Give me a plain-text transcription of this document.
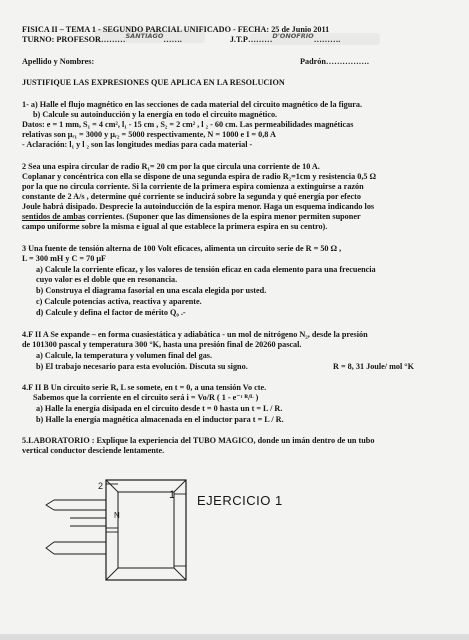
FISICA II – TEMA 1 - SEGUNDO PARCIAL UNIFICADO - FECHA: 25 de Junio 2011
TURNO: PROFESOR………$^{SANTIAGO}$…….	J.T.P………$^{D'ONOFRIO}$……….
Apellido y Nombres:	Padrón…………….
JUSTIFIQUE LAS EXPRESIONES QUE APLICA EN LA RESOLUCION
1- a) Halle el flujo magnético en las secciones de cada material del circuito magnético de la figura.
b) Calcule su autoinducción y la energía en todo el circuito magnético.
Datos: e = 1 mm, S₁ = 4 cm², l₁ - 15 cm , S₂ = 2 cm² , l ₂ - 60 cm. Las permeabilidades magnéticas
relativas son μᵣ₁ = 3000 y μᵣ₂ = 5000 respectivamente, N = 1000 e I = 0,8 A
- Aclaración: l₁ y l ₂ son las longitudes medias para cada material -
2 Sea una espira circular de radio R₁= 20 cm por la que circula una corriente de 10 A.
Coplanar y concéntrica con ella se dispone de una segunda espira de radio R₂=1cm y resistencia 0,5 Ω
por la que no circula corriente. Si la corriente de la primera espira comienza a extinguirse a razón
constante de 2 A/s , determine qué corriente se inducirá sobre la segunda y qué energía por efecto
Joule habrá disipado. Desprecie la autoinducción de la espira menor. Haga un esquema indicando los
sentidos de ambas corrientes. (Suponer que las dimensiones de la espira menor permiten suponer
campo uniforme sobre la misma e igual al que establece la primera espira en su centro).
3 Una fuente de tensión alterna de 100 Volt eficaces, alimenta un circuito serie de R = 50 Ω ,
L = 300 mH y C = 70 μF
a) Calcule la corriente eficaz, y los valores de tensión eficaz en cada elemento para una frecuencia
cuyo valor es el doble que en resonancia.
b) Construya el diagrama fasorial en una escala elegida por usted.
c) Calcule potencias activa, reactiva y aparente.
d) Calcule y defina el factor de mérito Q₀ .-
4.F II A Se expande – en forma cuasiestática y adiabática - un mol de nitrógeno N₂, desde la presión
de 101300 pascal y temperatura 300 °K, hasta una presión final de 20260 pascal.
a) Calcule, la temperatura y volumen final del gas.
b) El trabajo necesario para esta evolución. Discuta su signo.	R = 8, 31 Joule/ mol °K
4.F II B Un circuito serie R, L se somete, en t = 0, a una tensión Vo cte.
Sabemos que la corriente en el circuito será i = Vo/R ( 1 - e⁻ᵗ ᴿ/ᴸ )
a) Halle la energía disipada en el circuito desde t = 0 hasta un t = L / R.
b) Halle la energía magnética almacenada en el inductor para t = L / R.
5.LABORATORIO : Explique la experiencia del TUBO MAGICO, donde un imán dentro de un tubo
vertical conductor desciende lentamente.
2
1
N
EJERCICIO 1
